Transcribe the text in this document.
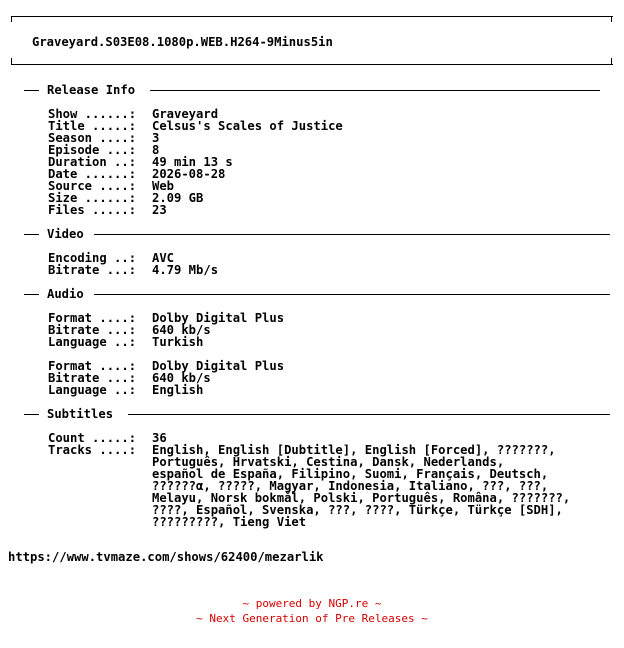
Graveyard.S03E08.1080p.WEB.H264-9Minus5in
Release Info
Show ......: Graveyard
Title .....: Celsus's Scales of Justice
Season ....: 3
Episode ...: 8
Duration ..: 49 min 13 s
Date ......: 2026-08-28
Source ....: Web
Size ......: 2.09 GB
Files .....: 23
Video
Encoding ..: AVC
Bitrate ...: 4.79 Mb/s
Audio
Format ....: Dolby Digital Plus
Bitrate ...: 640 kb/s
Language ..: Turkish
Format ....: Dolby Digital Plus
Bitrate ...: 640 kb/s
Language ..: English
Subtitles
Count .....: 36
Tracks ....: English, English [Dubtitle], English [Forced], ???????,
Português, Hrvatski, Cestina, Dansk, Nederlands,
español de España, Filipino, Suomi, Français, Deutsch,
??????α, ?????, Magyar, Indonesia, Italiano, ???, ???,
Melayu, Norsk bokmål, Polski, Português, Româna, ???????,
????, Español, Svenska, ???, ????, Türkçe, Türkçe [SDH],
?????????, Tieng Viet
https://www.tvmaze.com/shows/62400/mezarlik
~ powered by NGP.re ~
~ Next Generation of Pre Releases ~
